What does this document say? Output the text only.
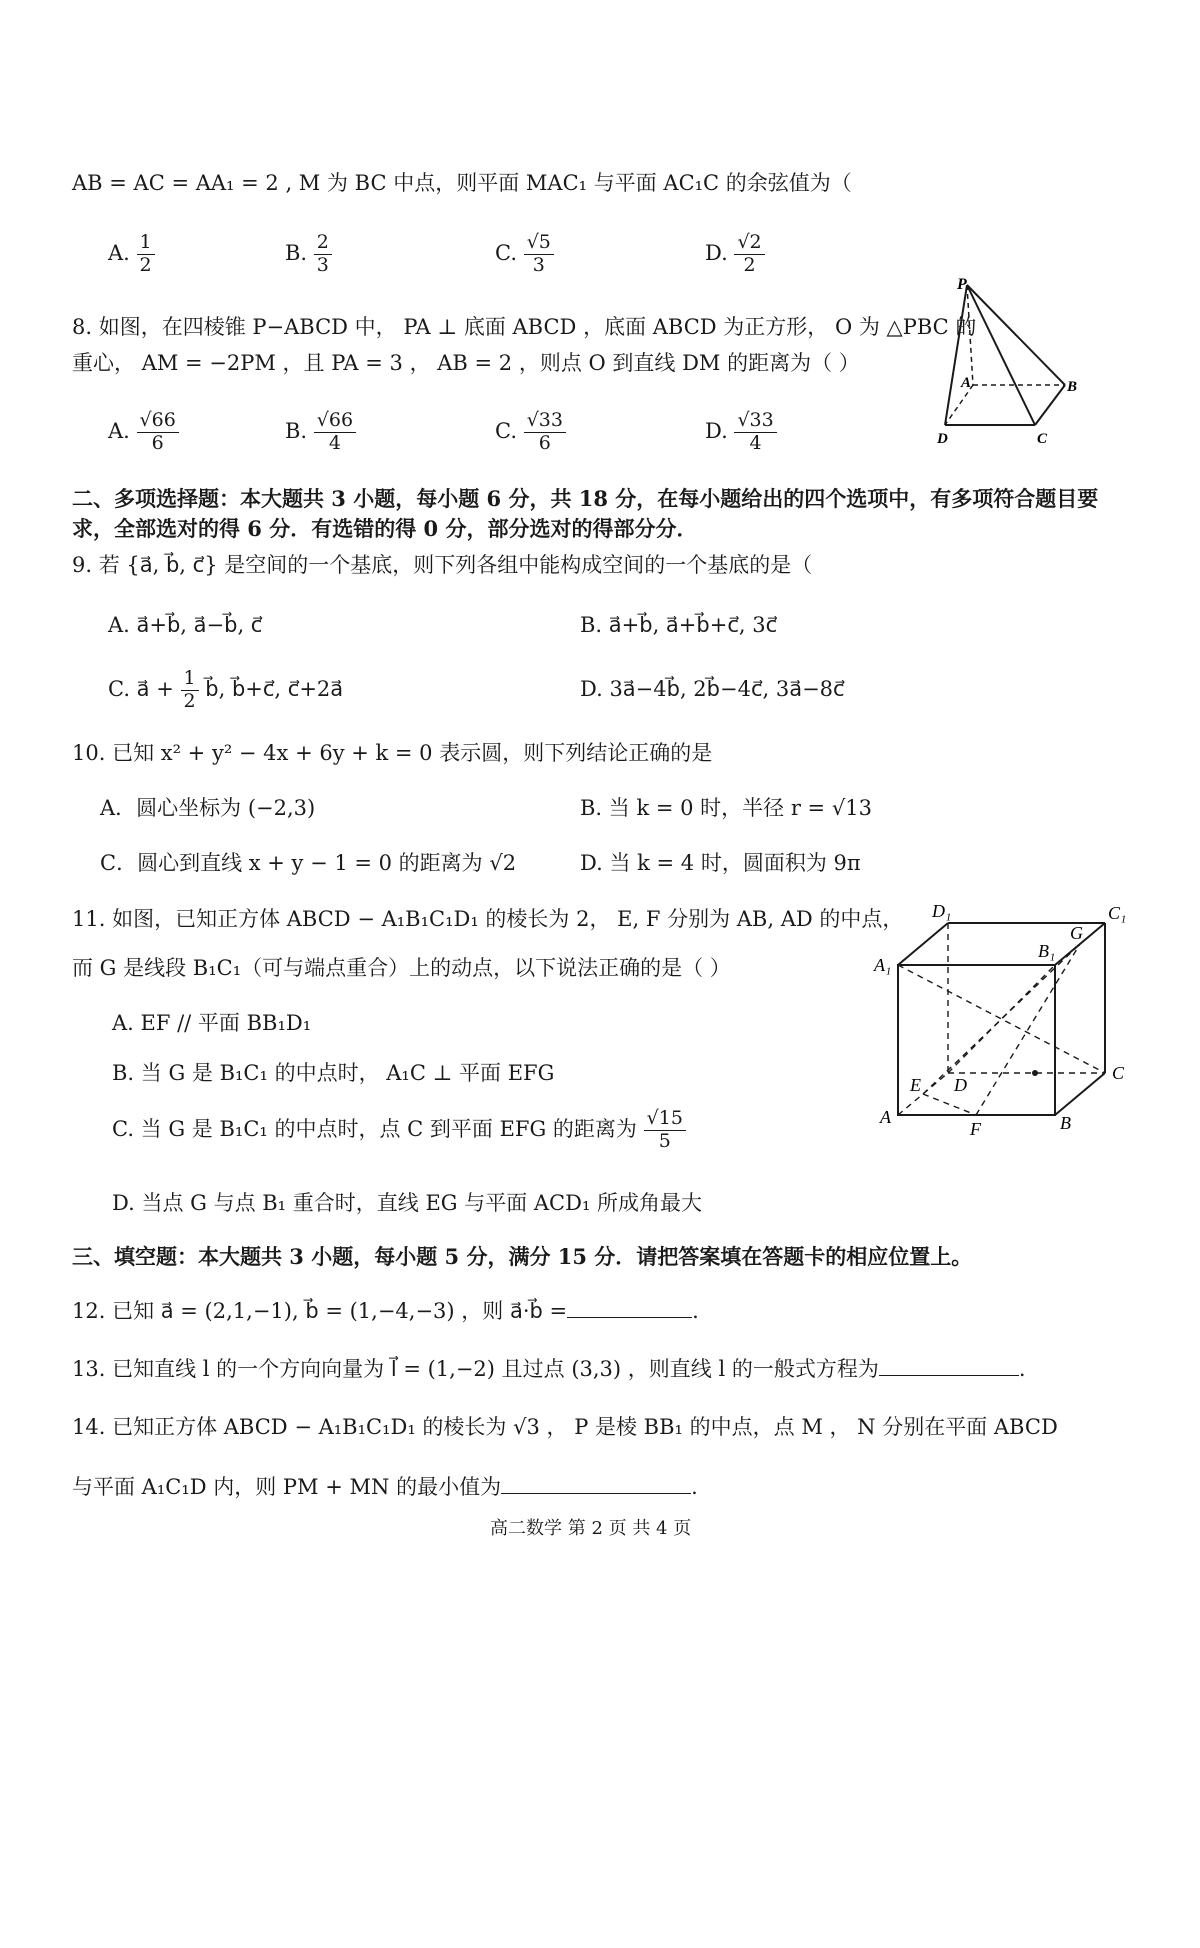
AB = AC = AA₁ = 2 , M 为 BC 中点，则平面 MAC₁ 与平面 AC₁C 的余弦值为（
A. $\frac{1}{2}$	B. $\frac{2}{3}$	C. $\frac{√5}{3}$	D. $\frac{√2}{2}$
8. 如图，在四棱锥 P−ABCD 中， PA ⊥ 底面 ABCD ，底面 ABCD 为正方形， O 为 △PBC 的
重心， AM = −2PM ，且 PA = 3 ， AB = 2 ，则点 O 到直线 DM 的距离为（ ）
A. $\frac{√66}{6}$	B. $\frac{√66}{4}$	C. $\frac{√33}{6}$	D. $\frac{√33}{4}$
P
A	B
C
D
二、多项选择题：本大题共 3 小题，每小题 6 分，共 18 分，在每小题给出的四个选项中，有多项符合题目要
求，全部选对的得 6 分．有选错的得 0 分，部分选对的得部分分．
9. 若 {a⃗, b⃗, c⃗} 是空间的一个基底，则下列各组中能构成空间的一个基底的是（
A. a⃗+b⃗, a⃗−b⃗, c⃗	B. a⃗+b⃗, a⃗+b⃗+c⃗, 3c⃗
C. a⃗ + $\frac{1}{2}$ b⃗, b⃗+c⃗, c⃗+2a⃗	D. 3a⃗−4b⃗, 2b⃗−4c⃗, 3a⃗−8c⃗
10. 已知 x² + y² − 4x + 6y + k = 0 表示圆，则下列结论正确的是
A．圆心坐标为 (−2,3)	B. 当 k = 0 时，半径 r = √13
C．圆心到直线 x + y − 1 = 0 的距离为 √2	D. 当 k = 4 时，圆面积为 9π
11. 如图，已知正方体 ABCD − A₁B₁C₁D₁ 的棱长为 2， E, F 分别为 AB, AD 的中点，
而 G 是线段 B₁C₁（可与端点重合）上的动点，以下说法正确的是（ ）
A. EF // 平面 BB₁D₁
B. 当 G 是 B₁C₁ 的中点时， A₁C ⊥ 平面 EFG
C. 当 G 是 B₁C₁ 的中点时，点 C 到平面 EFG 的距离为 $\frac{√15}{5}$
D. 当点 G 与点 B₁ 重合时，直线 EG 与平面 ACD₁ 所成角最大
D₁	C₁
A₁
B₁
G
E D
C
A
F	B
三、填空题：本大题共 3 小题，每小题 5 分，满分 15 分．请把答案填在答题卡的相应位置上。
12. 已知 a⃗ = (2,1,−1), b⃗ = (1,−4,−3) ，则 a⃗·b⃗ =	.
13. 已知直线 l 的一个方向向量为 l⃗ = (1,−2) 且过点 (3,3) ，则直线 l 的一般式方程为	.
14. 已知正方体 ABCD − A₁B₁C₁D₁ 的棱长为 √3 ， P 是棱 BB₁ 的中点，点 M ， N 分别在平面 ABCD
与平面 A₁C₁D 内，则 PM + MN 的最小值为	.
高二数学 第 2 页 共 4 页
